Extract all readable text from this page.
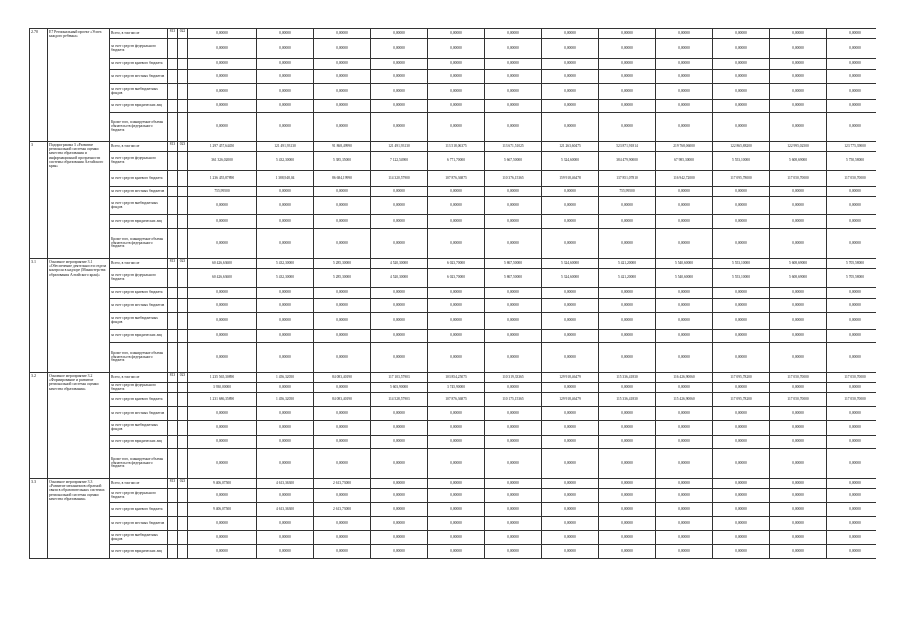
2.70	E7 Региональный проект «Успех каждого ребенка»	Всего, в том числе	813	022	0,00000	0,00000	0,00000	0,00000	0,00000	0,00000	0,00000	0,00000	0,00000	0,00000	0,00000	0,00000
		за счет средств федерального бюджета			0,00000	0,00000	0,00000	0,00000	0,00000	0,00000	0,00000	0,00000	0,00000	0,00000	0,00000	0,00000
		за счет средств краевого бюджета			0,00000	0,00000	0,00000	0,00000	0,00000	0,00000	0,00000	0,00000	0,00000	0,00000	0,00000	0,00000
		за счет средств местных бюджетов			0,00000	0,00000	0,00000	0,00000	0,00000	0,00000	0,00000	0,00000	0,00000	0,00000	0,00000	0,00000
		за счет средств внебюджетных фондов			0,00000	0,00000	0,00000	0,00000	0,00000	0,00000	0,00000	0,00000	0,00000	0,00000	0,00000	0,00000
		за счет средств юридических лиц			0,00000	0,00000	0,00000	0,00000	0,00000	0,00000	0,00000	0,00000	0,00000	0,00000	0,00000	0,00000
		Кроме того, планируемые объемы обязательств федерального бюджета			0,00000	0,00000	0,00000	0,00000	0,00000	0,00000	0,00000	0,00000	0,00000	0,00000	0,00000	0,00000
3	Подпрограмма 3 «Развитие региональной системы оценки качества образования и информационной прозрачности системы образования Алтайского края»	Всего, в том числе	813	023	1 297 457,64450	121 491,93130	91 868,49990	121 491,93130	113 518,06375	113 671,51025	121 263,60475	523 871,91814	219 768,06000	122 865,88200	122 995,02500	123 775,39000
		за счет средств федерального бюджета			361 326,02000	5 432,30000	5 385,35000	7 122,54900	6 771,70000	5 667,50000	5 324,60000	384 479,90000	67 985,30000	5 553,10000	5 608,69000	5 750,58000
		за счет средств краевого бюджета			1 236 455,87890	1 388,948,04	86 684,19990	114 320,57900	107 876,36875	110 376,15365	159 918,46478	137 851,07810	116 942,72000	117 095,78000	117 050,70000	117 050,70000
		за счет средств местных бюджетов			755,99500	0,00000	0,00000	0,00000	0,00000	0,00000	0,00000	755,99500	0,00000	0,00000	0,00000	0,00000
		за счет средств внебюджетных фондов			0,00000	0,00000	0,00000	0,00000	0,00000	0,00000	0,00000	0,00000	0,00000	0,00000	0,00000	0,00000
		за счет средств юридических лиц			0,00000	0,00000	0,00000	0,00000	0,00000	0,00000	0,00000	0,00000	0,00000	0,00000	0,00000	0,00000
		Кроме того, планируемые объемы обязательств федерального бюджета			0,00000	0,00000	0,00000	0,00000	0,00000	0,00000	0,00000	0,00000	0,00000	0,00000	0,00000	0,00000
3.1	Основное мероприятие 3.1 «Обеспечение деятельности отдела контроля в надзоре (Министерства образования Алтайского края)»	Всего, в том числе	813	023	60 426,63600	5 432,30000	5 285,30000	4 520,30000	6 023,70000	5 867,50000	5 324,60000	5 421,20000	5 540,60000	5 553,10000	5 608,69000	5 705,58000
		за счет средств федерального бюджета			60 426,63600	5 432,30000	5 285,30000	4 520,30000	6 023,70000	5 867,50000	5 324,60000	5 421,20000	5 540,60000	5 553,10000	5 608,69000	5 705,58000
		за счет средств краевого бюджета			0,00000	0,00000	0,00000	0,00000	0,00000	0,00000	0,00000	0,00000	0,00000	0,00000	0,00000	0,00000
		за счет средств местных бюджетов			0,00000	0,00000	0,00000	0,00000	0,00000	0,00000	0,00000	0,00000	0,00000	0,00000	0,00000	0,00000
		за счет средств внебюджетных фондов			0,00000	0,00000	0,00000	0,00000	0,00000	0,00000	0,00000	0,00000	0,00000	0,00000	0,00000	0,00000
		за счет средств юридических лиц			0,00000	0,00000	0,00000	0,00000	0,00000	0,00000	0,00000	0,00000	0,00000	0,00000	0,00000	0,00000
		Кроме того, планируемые объемы обязательств федерального бюджета			0,00000	0,00000	0,00000	0,00000	0,00000	0,00000	0,00000	0,00000	0,00000	0,00000	0,00000	0,00000
3.2	Основное мероприятие 3.2 «Формирование и развитие региональной системы оценки качества образования»	Всего, в том числе	813	023	1 235 565,30890	1 456,32050	84 083,40190	117 103,57903	103 854,25075	110 319,33365	129 918,46479	115 336,41830	116 426,90060	117 095,78200	117 050,70000	117 050,70000
		за счет средств федерального бюджета			3 930,00000	0,00000	0,00000	5 603,90000	3 745,90000	0,00000	0,00000	0,00000	0,00000	0,00000	0,00000	0,00000
		за счет средств краевого бюджета			1 231 686,35890	1 456,32050	84 083,40190	114 528,57903	107 876,36875	110 175,15365	129 918,46479	115 336,41830	115 426,90060	117 095,78200	117 050,70000	117 050,70000
		за счет средств местных бюджетов			0,00000	0,00000	0,00000	0,00000	0,00000	0,00000	0,00000	0,00000	0,00000	0,00000	0,00000	0,00000
		за счет средств внебюджетных фондов			0,00000	0,00000	0,00000	0,00000	0,00000	0,00000	0,00000	0,00000	0,00000	0,00000	0,00000	0,00000
		за счет средств юридических лиц			0,00000	0,00000	0,00000	0,00000	0,00000	0,00000	0,00000	0,00000	0,00000	0,00000	0,00000	0,00000
		Кроме того, планируемые объемы обязательств федерального бюджета			0,00000	0,00000	0,00000	0,00000	0,00000	0,00000	0,00000	0,00000	0,00000	0,00000	0,00000	0,00000
3.3	Основное мероприятие 3.3 «Развитие механизмов обратной связи в образовательных системах региональной системы оценки качества образования»	Всего, в том числе	813	023	9 406,07500	4 613,36300	2 613,73000	0,00000	0,00000	0,00000	0,00000	0,00000	0,00000	0,00000	0,00000	0,00000
		за счет средств федерального бюджета			0,00000	0,00000	0,00000	0,00000	0,00000	0,00000	0,00000	0,00000	0,00000	0,00000	0,00000	0,00000
		за счет средств краевого бюджета			9 406,07500	4 613,36300	2 613,73000	0,00000	0,00000	0,00000	0,00000	0,00000	0,00000	0,00000	0,00000	0,00000
		за счет средств местных бюджетов			0,00000	0,00000	0,00000	0,00000	0,00000	0,00000	0,00000	0,00000	0,00000	0,00000	0,00000	0,00000
		за счет средств внебюджетных фондов			0,00000	0,00000	0,00000	0,00000	0,00000	0,00000	0,00000	0,00000	0,00000	0,00000	0,00000	0,00000
		за счет средств юридических лиц			0,00000	0,00000	0,00000	0,00000	0,00000	0,00000	0,00000	0,00000	0,00000	0,00000	0,00000	0,00000
